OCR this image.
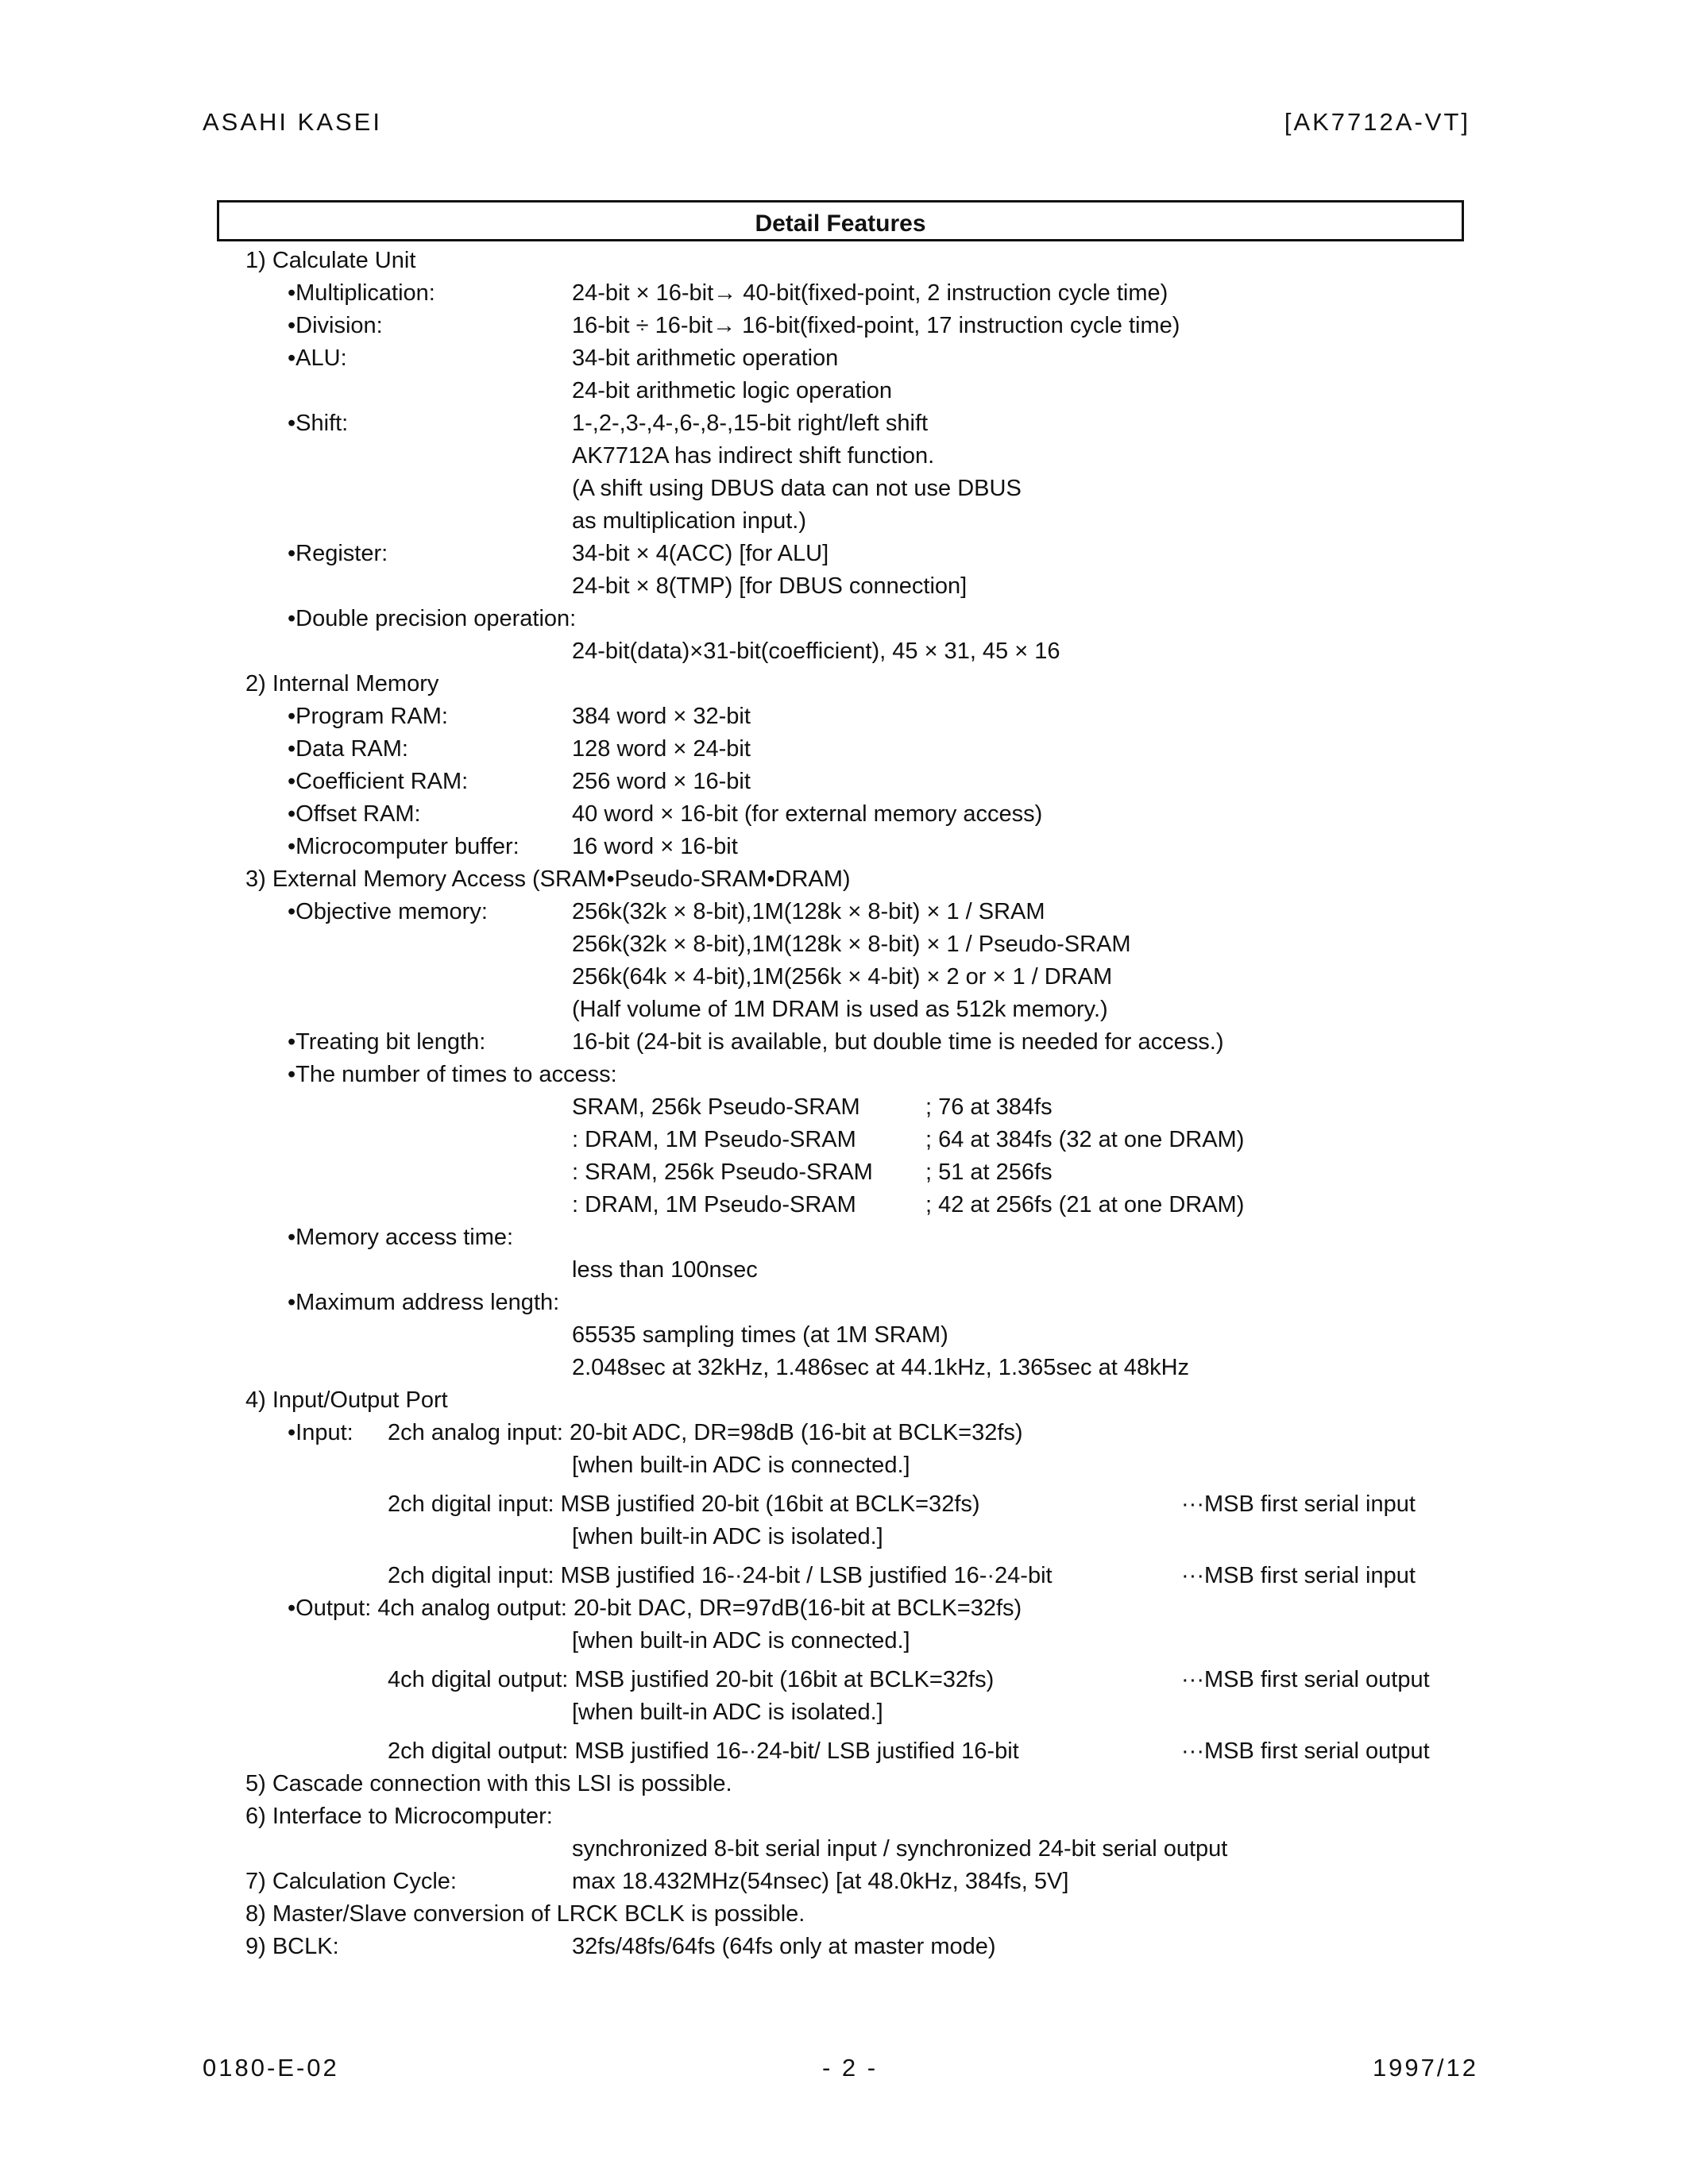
ASAHI KASEI	[AK7712A-VT]
Detail Features
1) Calculate Unit
•Multiplication:	24-bit × 16-bit→ 40-bit(fixed-point, 2 instruction cycle time)
•Division:	16-bit ÷ 16-bit→ 16-bit(fixed-point, 17 instruction cycle time)
•ALU:	34-bit arithmetic operation
24-bit arithmetic logic operation
•Shift:	1-,2-,3-,4-,6-,8-,15-bit right/left shift
AK7712A has indirect shift function.
(A shift using DBUS data can not use DBUS
as multiplication input.)
•Register:	34-bit × 4(ACC) [for ALU]
24-bit × 8(TMP) [for DBUS connection]
•Double precision operation:
24-bit(data)×31-bit(coefficient), 45 × 31, 45 × 16
2) Internal Memory
•Program RAM:	384 word × 32-bit
•Data RAM:	128 word × 24-bit
•Coefficient RAM:	256 word × 16-bit
•Offset RAM:	40 word × 16-bit (for external memory access)
•Microcomputer buffer: 16 word × 16-bit
3) External Memory Access (SRAM•Pseudo-SRAM•DRAM)
•Objective memory:	256k(32k × 8-bit),1M(128k × 8-bit) × 1 / SRAM
256k(32k × 8-bit),1M(128k × 8-bit) × 1 / Pseudo-SRAM
256k(64k × 4-bit),1M(256k × 4-bit) × 2 or × 1 / DRAM
(Half volume of 1M DRAM is used as 512k memory.)
•Treating bit length:	16-bit (24-bit is available, but double time is needed for access.)
•The number of times to access:
SRAM, 256k Pseudo-SRAM	; 76 at 384fs
: DRAM, 1M Pseudo-SRAM	; 64 at 384fs (32 at one DRAM)
: SRAM, 256k Pseudo-SRAM ; 51 at 256fs
: DRAM, 1M Pseudo-SRAM	; 42 at 256fs (21 at one DRAM)
•Memory access time:
less than 100nsec
•Maximum address length:
65535 sampling times (at 1M SRAM)
2.048sec at 32kHz, 1.486sec at 44.1kHz, 1.365sec at 48kHz
4) Input/Output Port
•Input: 2ch analog input: 20-bit ADC, DR=98dB (16-bit at BCLK=32fs)
[when built-in ADC is connected.]
2ch digital input: MSB justified 20-bit (16bit at BCLK=32fs)	···MSB first serial input
[when built-in ADC is isolated.]
2ch digital input: MSB justified 16-·24-bit / LSB justified 16-·24-bit	···MSB first serial input
•Output: 4ch analog output: 20-bit DAC, DR=97dB(16-bit at BCLK=32fs)
[when built-in ADC is connected.]
4ch digital output: MSB justified 20-bit (16bit at BCLK=32fs)	···MSB first serial output
[when built-in ADC is isolated.]
2ch digital output: MSB justified 16-·24-bit/ LSB justified 16-bit	···MSB first serial output
5) Cascade connection with this LSI is possible.
6) Interface to Microcomputer:
synchronized 8-bit serial input / synchronized 24-bit serial output
7) Calculation Cycle:	max 18.432MHz(54nsec) [at 48.0kHz, 384fs, 5V]
8) Master/Slave conversion of LRCK BCLK is possible.
9) BCLK:	32fs/48fs/64fs (64fs only at master mode)
0180-E-02	- 2 -	1997/12
